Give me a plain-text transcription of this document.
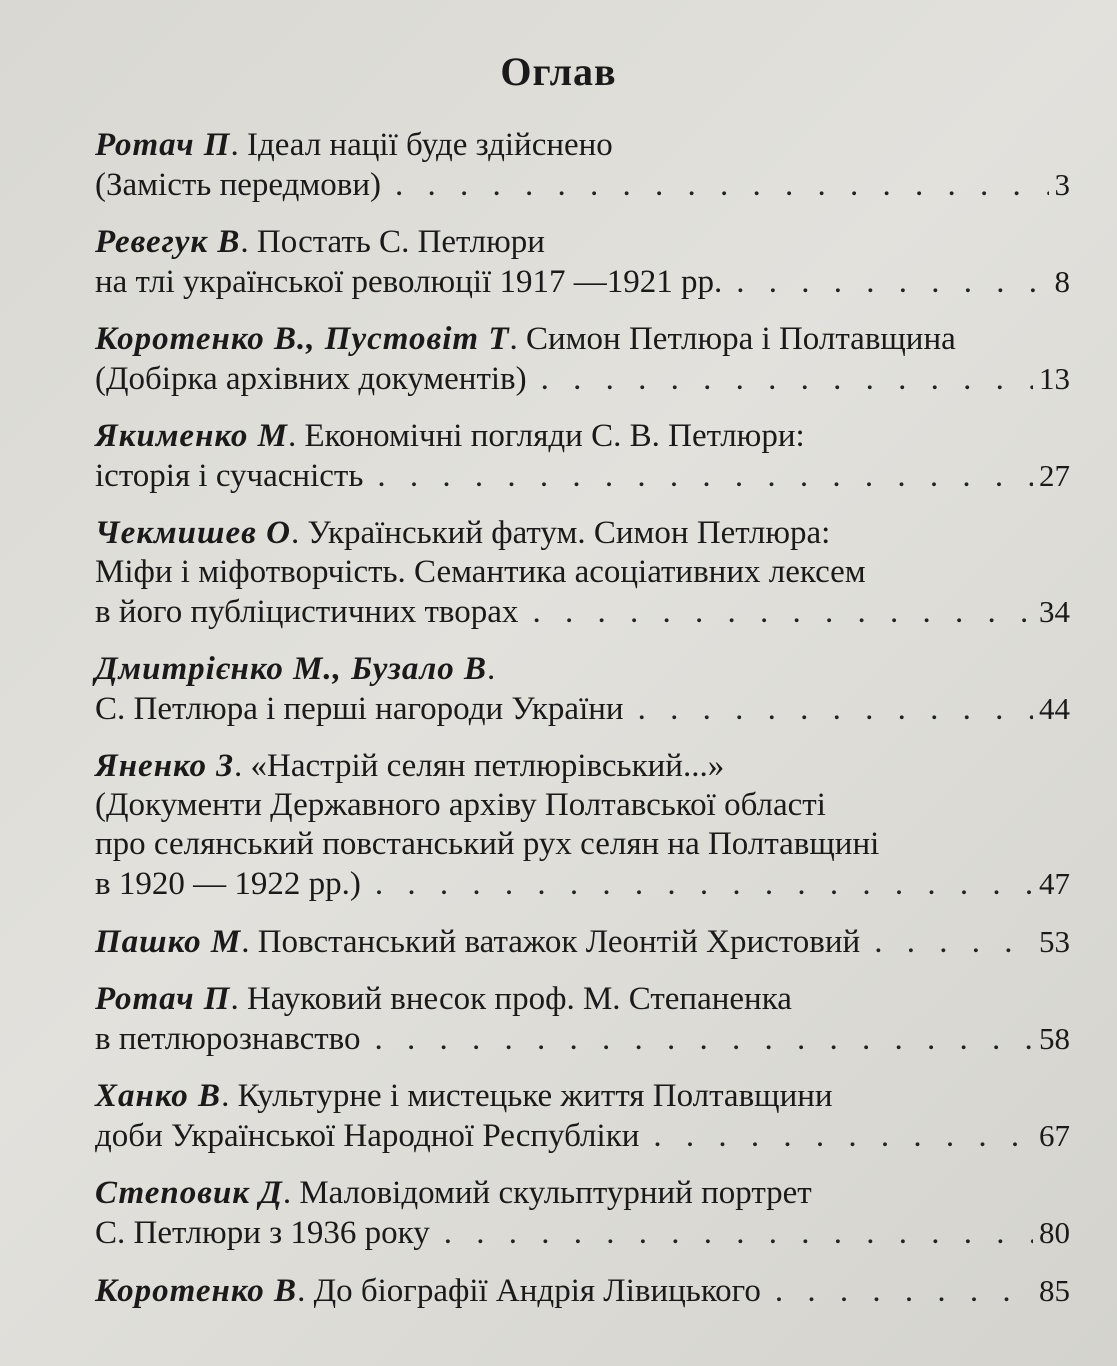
Оглав
Ротач П . Ідеал нації буде здійснено
(Замість передмови) . . .	3
Ревегук В . Постать С. Петлюри
на тлі української революції 1917 —1921 рр. . . .	8
Коротенко В., Пустовіт Т . Симон Петлюра і Полтавщина
(Добірка архівних документів) . . .	13
Якименко М . Економічні погляди С. В. Петлюри:
історія і сучасність . . .	27
Чекмишев О . Український фатум. Симон Петлюра:
Міфи і міфотворчість. Семантика асоціативних лексем
в його публіцистичних творах . . .	34
Дмитрієнко М., Бузало В .
С. Петлюра і перші нагороди України . . .	44
Яненко З . «Настрій селян петлюрівський...»
(Документи Державного архіву Полтавської області
про селянський повстанський рух селян на Полтавщині
в 1920 — 1922 рр.) . . .	47
Пашко М . Повстанський ватажок Леонтій Христовий . . .	53
Ротач П . Науковий внесок проф. М. Степаненка
в петлюрознавство . . .	58
Ханко В . Культурне і мистецьке життя Полтавщини
доби Української Народної Республіки . . .	67
Степовик Д . Маловідомий скульптурний портрет
С. Петлюри з 1936 року . . .	80
Коротенко В . До біографії Андрія Лівицького . . .	85
